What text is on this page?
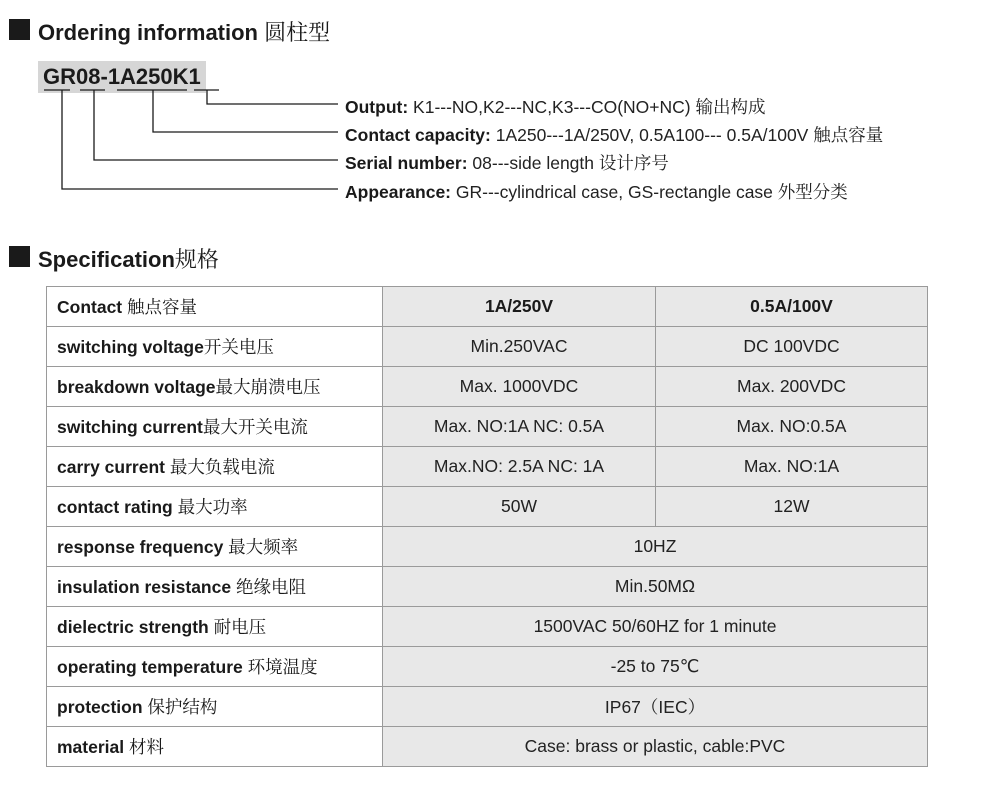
Ordering information 圆柱型
GR08-1A250K1
Output: K1---NO,K2---NC,K3---CO(NO+NC) 输出构成
Contact capacity: 1A250---1A/250V, 0.5A100--- 0.5A/100V 触点容量
Serial number: 08---side length 设计序号
Appearance: GR---cylindrical case, GS-rectangle case 外型分类
Specification规格
Contact 触点容量	1A/250V	0.5A/100V
switching voltage开关电压	Min.250VAC	DC 100VDC
breakdown voltage最大崩溃电压	Max. 1000VDC	Max. 200VDC
switching current最大开关电流	Max. NO:1A NC: 0.5A	Max. NO:0.5A
carry current 最大负载电流	Max.NO: 2.5A NC: 1A	Max. NO:1A
contact rating 最大功率	50W	12W
response frequency 最大频率	10HZ	
insulation resistance 绝缘电阻	Min.50MΩ	
dielectric strength 耐电压	1500VAC 50/60HZ for 1 minute	
operating temperature 环境温度	-25 to 75℃	
protection 保护结构	IP67（IEC）	
material 材料	Case: brass or plastic, cable:PVC	
